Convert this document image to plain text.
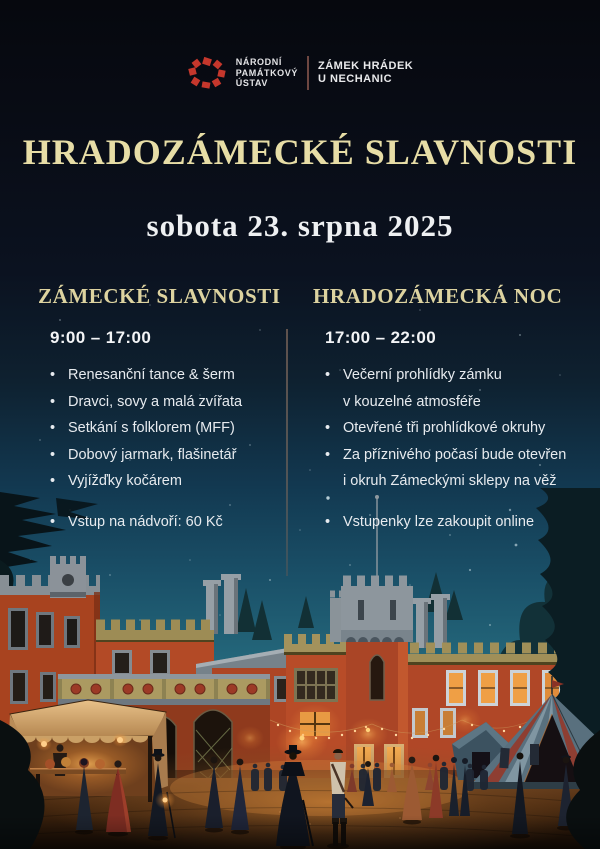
NÁRODNÍ
PAMÁTKOVÝ
ÚSTAV
ZÁMEK HRÁDEK
U NECHANIC
HRADOZÁMECKÉ SLAVNOSTI
sobota 23. srpna 2025
ZÁMECKÉ SLAVNOSTI
9:00 – 17:00
• Renesanční tance & šerm
• Dravci, sovy a malá zvířata
• Setkání s folklorem (MFF)
• Dobový jarmark, flašinetář
• Vyjížďky kočárem
• Vstup na nádvoří: 60 Kč
HRADOZÁMECKÁ NOC
17:00 – 22:00
• Večerní prohlídky zámku
v kouzelné atmosféře
• Otevřené tři prohlídkové okruhy
• Za příznivého počasí bude otevřen
i okruh Zámeckými sklepy na věž
• Vstupenky lze zakoupit online
